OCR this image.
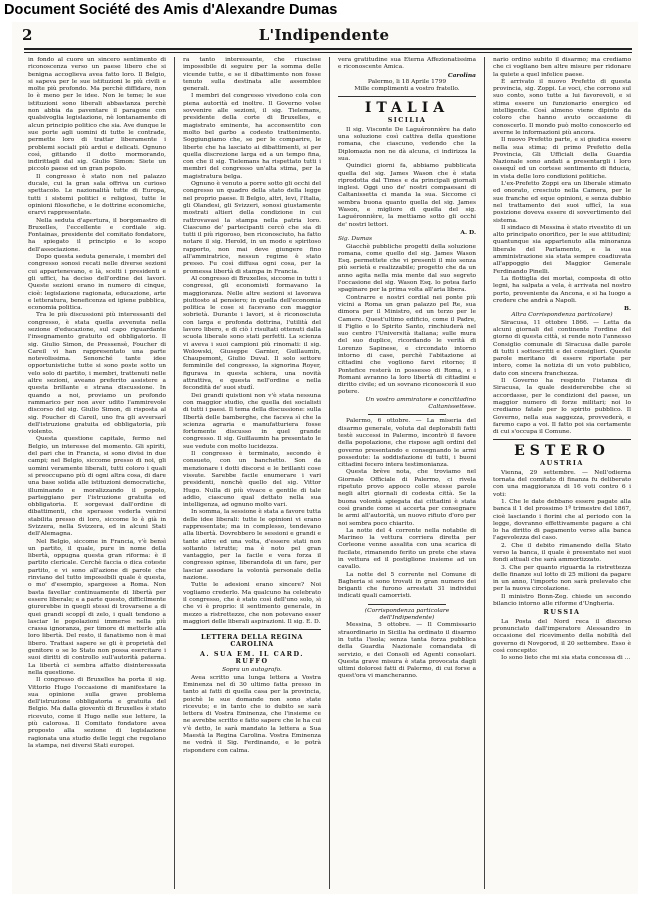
Document Société des Amis d'Alexandre Dumas
2	L'Indipendente

in fondo al cuore un sincero sentimento di riconoscenza verso un paese libero che si benigna accoglieva avea fatto loro. Il Belgio, si sapeva per le sue istituzioni le più civili e molte più profondo. Ma perchè diffidare, non lo è meno per le idee. Non le teme; le sue istituzioni sono liberali abbastanza perchè non abbia da paventare il paragone con qualsivoglia legislazione, nè lontanamente di alcun principio politico che sia. Ave dunque le sue porte agli uomini di tutte le contrade, permette loro di trattar liberamente i problemi sociali più ardui e delicati. Ognuno così, gittando il dotto mormorando, indirittagli dal sig. Giulio Simon: Siete un piccolo paese ed un gran popolo.

Il congresso è stato non nel palazzo ducale, cui la gran sala offriva un curioso spettacolo. Le nazionalità tutte di Europa, tutti i sistemi politici e religiosi, tutte le opinioni filosofiche, e le dottrine economiche, erarvi rappresentate.

Nella seduta d'apertura, il borgomastro di Bruxelles, l'eccellente e cordiale sig. Fontainas, presidente del comitato fondatore, ha spiegato il principio e lo scopo dell'associazione.

Dopo questa seduta generale, i membri del congresso sonosi recati nelle diverse sezioni cui appartenevano, e là, scelti i presidenti e gli uffici, ha deciso dell'ordine dei lavori. Queste sezioni erano in numero di cinque, cioè: legislazione ragionata, educazione, arte e letteratura, beneficenza ed igiene pubblica, economia politica.

Tra le più discussioni più interessanti del congresso, è stata quella avvenuta nella sezione d'educazione, sul capo riguardante l'insegnamento gratuito ed obbligatorio. Il sig. Giulio Simon, de Pressensè, Foucher di Careil vi han rappresentato una parte notevolissima. Senonché tante idee opportunistiche tutte si sono poste sotto un velo solo di partito, i membri, trattenuti nelle altre sezioni, aveano preferito assistere a questa brillante e strana discussione. In quando a noi, proviamo un profondo rammarico per non aver udito l'ammirevole discorso del sig. Giulio Simon, di risposta al sig. Foucher di Careil, uno fra gli avversarî dell'istruzione gratuita ed obbligatoria, più violento.

Questa questione capitale, fermo nel Belgio, un interesse del momento. Gli spiriti, del pari che in Francia, si sono divisi in due campi; nel Belgio, siccome presso di noi, gli uomini veramente liberali, tutti coloro i quali si preoccupano più di ogni altra cosa, di dare una base solida alle istituzioni democratiche, illuminando e moralizzando il popolo, parteggiano per l'istruzione gratuita ed obbligatoria. E sorgevasi dall'ordine di dibattimenti, che sperasse vederla venirsi stabilita presso di loro, siccome lo è già in Svizzera, nella Svizzera, ed in alcuni Stati dell'Alemagna.

Nel Belgio, siccome in Francia, v'è bensì un partito, il quale, pure in nome della libertà, oppugna questa gran riforma: è il partito clericale. Cerchè faccia o dica coteste partito, e vi sono all'azione di parole che rinviano del tutto impossibili quale è questa, o mo' d'esempio, spargesse a Roma. Non basta favellar continuamente di libertà per essere liberale; e a parte questo, difficilmente giurerebbe in quegli stessi di trovarsene a di quei grandi scoppî di zelo, i quali tendono a lasciar le popolazioni immerse nella più crassa ignoranza, per timore di metterle alla loro libertà. Del resto, il fanatismo non è mai libero. Trattasi sapere se gli è proprietà del genitore o se lo Stato non possa esercitare i suoi diritti di controllo sull'autorità paterna. La libertà ci sembra affatto disinteressata nella questione.

Il congresso di Bruxelles ha porta il sig. Vittorio Hugo l'occasione di manifestare la sua opinione sulla grave problema dell'istruzione obbligatoria e gratuita del Belgio. Ma dalla gioventù di Bruxelles è stato ricevuto, come il Hugo nelle sue lettere, la più calorosa. Il Comitato fondatore avea proposto alla sezione di legislazione ragionata una studio delle leggi che regolano la stampa, nei diversi Stati europei.

ra tanto interessante, che riuscisse impossibile di seguire per la somma delle vicende tutte, e se il dibattimento non fosse tenuto sulla destinata alle assemblee generali.

I membri del congresso vivedono cola con piena autorità ed inoltre. Il Governo volse sovvenire alle sezioni, il sig. Tielemans, presidente della corte di Bruxelles, e magistrato eminente, ha acconsentito con molto bel garbo a codesto trattenimento. Soggiungiamo che, se per le comparire, le liberte che ha lasciato ai dibattimenti, si per quella discrezione larga ed a un tempo fina, con che il sig. Tielemans ha rispettato tutti i membri del congresso un'alta stima, per la magistratura belga.

Ognuno è venuto a porre sotto gli occhi del congresso un quadro della stato della legge nel proprio paese. Il Belgio, altri, levi, l'Italia, gli Olandesi, gli Svizzeri, sonosi giustamente mostrati altieri della condizione in cui rattrovavasi la stampa nella patria loro. Ciascuno de' partecipanti cercò che sia di tutti il più rigoroso, ben riconosciuto, ha fatto notare il sig. Herold, in un modo e spiritoso rapporto, non mai deve giungere fino all'ammiratrice, nessun regime è stato presso. Fu così diffusa ogni cosa, per la promessa libertà di stampa in Francia.

Al congresso di Bruxelles, siccome in tutti i congressi, gli economisti formavano la maggioranza. Nelle altre sezioni si lavorava piuttosto al pensiero; in quella dell'economia politica le cose si facevano con maggior sobrietà. Durante i lavori, si è riconosciuta con larga e profonda dottrina, l'utilità del lavoro libero, e di ciò i risultati ottenuti dalla scuola liberale sono stati perfetti. La scienza vi aveva i suoi campioni più rinomati: il sig. Wolowski, Giuseppe Garnier, Guillaumin, Chaupemont, Giulio Duval. Il solo settore femminile del congresso, la signorina Royer, figurava in questa schiera, una novità attrattiva, e questa nell'ordine e nella fecondità de' suoi studî.

Dei grandi quistioni non v'è stata nessuna con maggior studio, che quella dei socialisti di tutti i paesi. Il tema della discussione: sulla Ilbertà delle bamberghe, che faceva sì che la scienza agraria e manufatturiera fosse fortemente discusso in quel grande congresso. Il sig. Guillaumin ha presentato le sue vedute con molto lucidezza.

Il congresso è terminato, secondo è consueto, con un banchetto. Son da menzionare i dotti discorsi e le brillanti cose vissute. Sarebbe facile enumerare i vari presidenti, nonchè quello del sig. Vittor Hugo. Nulla di più vivace e gentile di tale addio, ciascuno qual dettato nella sua intelligenza, ad ognuno molto vari.

In somma, la sessione è stata a favore tutta delle idee liberali: tutte le opinioni vi erano rappresentate; ma in complesso, tendevano alla libertà. Dovrebbero le sessioni e grandi e tante altre ed una volta, d'essere stati non soltanto istrutte; ma è noto pel gran vantaggio, per la facile e vera forza il congresso spinse, liberandola di un fare, per lasciar assodare la volontà personale della nazione.

Tutte le adesioni erano sincere? Noi vogliamo crederlo. Ma qualcuno ha celebrato il congresso, che è stato così dell'uno solo, sì che vi è proprio: il sentimento generale, in mezzo a ristrettezze, che non potevano esser maggiori delle liberali aspirazioni. Il sig. E. D.

LETTERA DELLA REGINA CAROLINA
A. SUA EM. IL CARD. RUFFO

Sopra un autografo.

Avea scritto una lunga lettera a Vostra Eminenza nel dì 30 ultimo fatta presso in tanto ai fatti di quella casa per la provincia, poichè le sue domande non sono state ricevute; e in tanto che io dubito se sarà lettera di Vostra Eminenza, che l'insieme ce ne avrebbe scritto e fatto sapere che le ha cui v'è detto, le sarà mandato la lettera a Sua Maestà la Regina Carolina. Vostra Eminenza ne vedrà il Sig. Ferdinando, e le potrà rispondere con calma.

vera gratitudine sua Eterna Affezionatissima e riconoscente Amica.

Carolina

Palermo, li 18 Aprile 1799

Mille complimenti a vostro fratello.

ITALIA
SICILIA

Il sig. Visconte De Laguéronnière ha dato una soluzione così cattiva della questione romana, che ciascuno, vedendo che la Diplomazia non ne dà alcuna, ci indirizza la sua.

Quindici giorni fa, abbiamo pubblicata quella del sig. James Wason che è stata riprodotta dal Times e da principali giornali inglesi. Oggi uno de' nostri compaesani di Caltanissetta ci manda la sua. Siccome ci sembra buona quanto quella del sig. James Wason, e migliore di quella del sig. Laguéronnière, la mettiamo sotto gli occhi de' nostri lettori.

A. D.

Sig. Dumas

Giacchè pubbliche progetti della soluzione romana, come quello del sig. James Wason Esq. permettete che vi presenti il mio senza più serietà e realizzabile; progetto che da un anno agita nella mia mente dal suo segreto l'occasione del sig. Wason Esq. lo potea farlo spaginare per la prima volta all'aria libera.

Contrarre e nostri cordial nei ponte più vicini a Roma un gran palazzo pel Re, sua dimora per il Ministro, ed un terzo per le Camere. Quest'ultimo edificio, come il Padre, il Figlio e lo Spirito Santo, rinchiuderà nel suo centro l'Università italiana; sulle mura del suo duplice, ricordando le verità di Lorenzo Sapinese, e circondato intorno intorno di case, perchè l'abitazione ai cittadini che vogliono farvi ritorno; il Pontefice resterà in possesso di Roma, e i Romani avranno la loro libertà di cittadini e diritto civile; ed un sovrano riconoscerà il suo potere.

Un vostro ammiratore e concittadino Caltanissettese.

Palermo, 6 ottobre. — La miseria del disarmo generale, voluta dal deplorabili fatti testè successi in Palermo, incontrò il favore della popolazione, che rispose agli ordini del governo presentando e consegnando le armi possedute: la soddisfazione di tutti, i buoni cittadini fecero intera testimonianza.

Questa brève nota, che troviamo nel Giornale Officiale di Palermo, ci rivela ripetuto provo appoco colle stesse parole negli altri giornali di codesta città. Se la buona volontà spiegata dai cittadini è stata così grande come si accerta per consegnare le armi all'autorità, un nuovo rifiuto d'oro per noi sembra poco chiarito.

La notte del 4 corrente nella notabile di Marineo la vettura corriera diretta per Corleone venne assalita con una scarica di fucilate, rimanendo ferito un prete che stava in vettura ed il postiglione insieme ad un cavallo.

La notte del 5 corrente nel Comune di Bagheria si sono trovati in gran numero dei briganti che furono arrestati 31 individui indicati quali camorristi.

(Corrispondenza particolare dell'Indipendente)

Messina, 5 ottobre. — Il Commissario straordinario in Sicilia ha ordinato il disarmo in tutta l'isola; senza tanta forza pubblica della Guardia Nazionale comandata di servizio, e dei Consoli ed Agenti consolari. Questa grave misura è stata provocata dagli ultimi dolorosi fatti di Palermo, di cui forse a quest'ora vi mancheranno.

nario ordino subito il disarmo; ma crediamo che ci vogliano ben altre misure per ridonare la quiete a quel infelice paese.

È arrivato il nuovo Prefetto di questa provincia, sig. Zoppi. Le voci, che corrono sul suo conto, sono tutte a lui favorevoli, e si stima essere un funzionario energico ed intelligente. Così almeno viene dipinto da coloro che hanno avuto occasione di conoscerlo. Il mondo può molto conoscerlo ed averne le informazioni più ancora.

Il nuovo Prefetto parte, e si giudica essere nella sua stima; di primo Prefetto della Provincia, Gli Ufficiali della Guardia Nazionale sono andati a presentargli i loro ossequî ed un cortese sentimento di fiducia, in vista delle loro condizioni politiche.

L'ex-Prefetto Zoppi era un liberale stimato ed onorato, cresciuto nella Camera, per le sue franche ed eque opinioni, e senza dubbio nel trattamento dei suoi ufficî, la sua posizione doveva essere di sovvertimento del sistema.

Il sindaco di Messina è stato rivestito di un alto principato onorifico, per le sue attitudini; quantunque sia appartenuto alla minoranza liberale del Parlamento, e la sua amministrazione sia stata sempre coadiuvata all'appoggio dei Maggior Generale Ferdinando Pinelli.

La flottiglia dei mortai, composta di otto legni, ha salpata a vela, è arrivata nel nostro porto, proveniente da Ancona, e si ha luogo a credere che andrà a Napoli.

B.

Altra Corrispondenza particolare)

Siracusa, 11 ottobre 1866. — Letta da alcuni giornali del continente l'ordine del giorno di questa città, si rende noto l'annesso Consiglio comunale di Siracusa dalle parole di tutti i sottoscritti e dei consiglieri. Queste parole meritano di essere riportate per intero, come la notizia di un voto pubblico, dato con sincera franchezza.

Il Governo ha respinto l'istanza di Siracusa, la quale desidererebbe che si accordasse, per le condizioni del paese, un maggior numero di forze militari; noi lo crediamo fatale per lo spirito pubblico. Il Governo, nella sua saggezza, provvederà, e faremo capo a voi. Il fatto poi sia certamente di cui s'occupa il Comune.

ESTERO
AUSTRIA

Vienna, 29 settembre. — Nell'odierna tornata del comitato di finanza fu deliberato con una maggioranza di 16 voti contro 6 i voti:

1. Che le date debbano essere pagate alla banca il 1 del prossimo 1º trimestre del 1867, cioè lasciando i fiorini che al periodo con la legge, dovranno effettivamente pagare a chi lo ha diritto di pagamento verso alla banca l'agevolezza del caso.

2. Che il debito rimanendo della Stato verso la banca, il quale è presentato nei suoi fondi attuali che sarà ammortizzato.

3. Che per quanto riguarda la ristrettezza delle finanze sul lotto di 25 milioni da pagare in un anno, l'importo non sarà prelevato che per la nuova circolazione.

Il ministro Bonn-Zeg. chiede un secondo bilancio intorno alle riforme d'Ungheria.

RUSSIA

La Posta del Nord reca il discorso pronunciato dall'imperatore Alessandro in occasione del ricevimento della nobiltà del governo di Novgorod, il 20 settembre. Esso è così concepito:

Io sono lieto che mi sia stata concessa di ...
